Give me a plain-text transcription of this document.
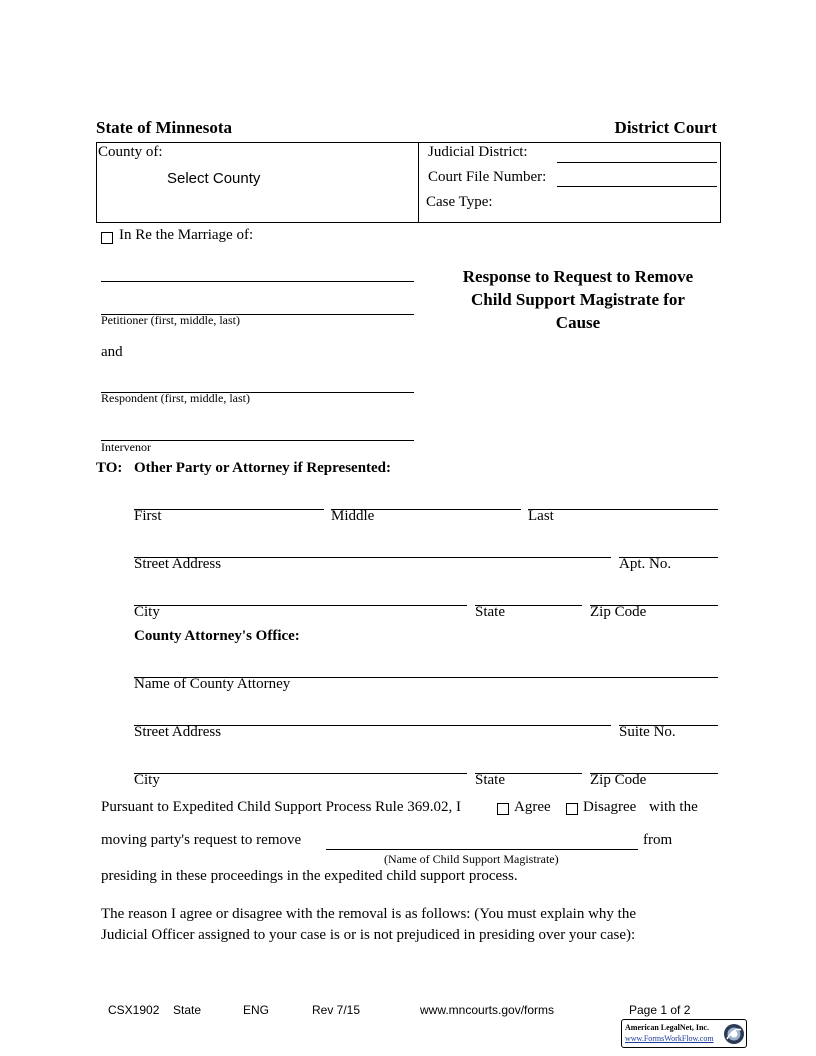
State of Minnesota	District Court
County of:
Select County
Judicial District:
Court File Number:
Case Type:
In Re the Marriage of:
Petitioner (first, middle, last)
and
Respondent (first, middle, last)
Intervenor
Response to Request to Remove
Child Support Magistrate for
Cause
TO: Other Party or Attorney if Represented:
First	Middle	Last
Street Address	Apt. No.
City	State	Zip Code
County Attorney's Office:
Name of County Attorney
Street Address	Suite No.
City	State	Zip Code
Pursuant to Expedited Child Support Process Rule 369.02, I	Agree Disagree with the
moving party's request to remove	from
(Name of Child Support Magistrate)
presiding in these proceedings in the expedited child support process.
The reason I agree or disagree with the removal is as follows: (You must explain why the
Judicial Officer assigned to your case is or is not prejudiced in presiding over your case):
CSX1902 State	ENG	Rev 7/15	www.mncourts.gov/forms	Page 1 of 2
American LegalNet, Inc.
www.FormsWorkFlow.com
